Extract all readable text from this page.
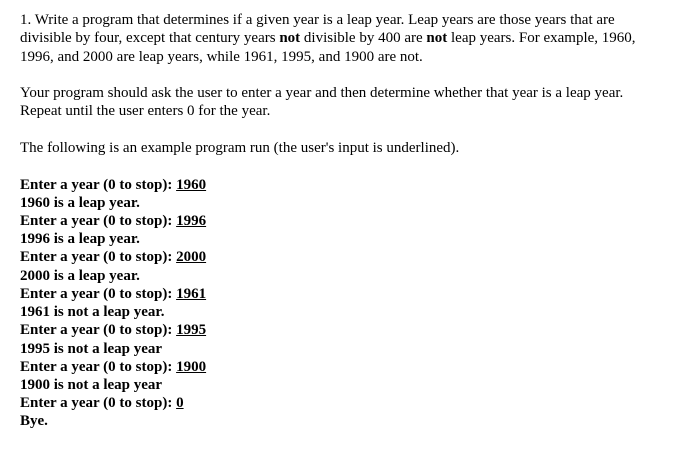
1. Write a program that determines if a given year is a leap year. Leap years are those years that are divisible by four, except that century years not divisible by 400 are not leap years. For example, 1960, 1996, and 2000 are leap years, while 1961, 1995, and 1900 are not.

Your program should ask the user to enter a year and then determine whether that year is a leap year. Repeat until the user enters 0 for the year.

The following is an example program run (the user's input is underlined).

Enter a year (0 to stop): 1960
1960 is a leap year.
Enter a year (0 to stop): 1996
1996 is a leap year.
Enter a year (0 to stop): 2000
2000 is a leap year.
Enter a year (0 to stop): 1961
1961 is not a leap year.
Enter a year (0 to stop): 1995
1995 is not a leap year
Enter a year (0 to stop): 1900
1900 is not a leap year
Enter a year (0 to stop): 0
Bye.
